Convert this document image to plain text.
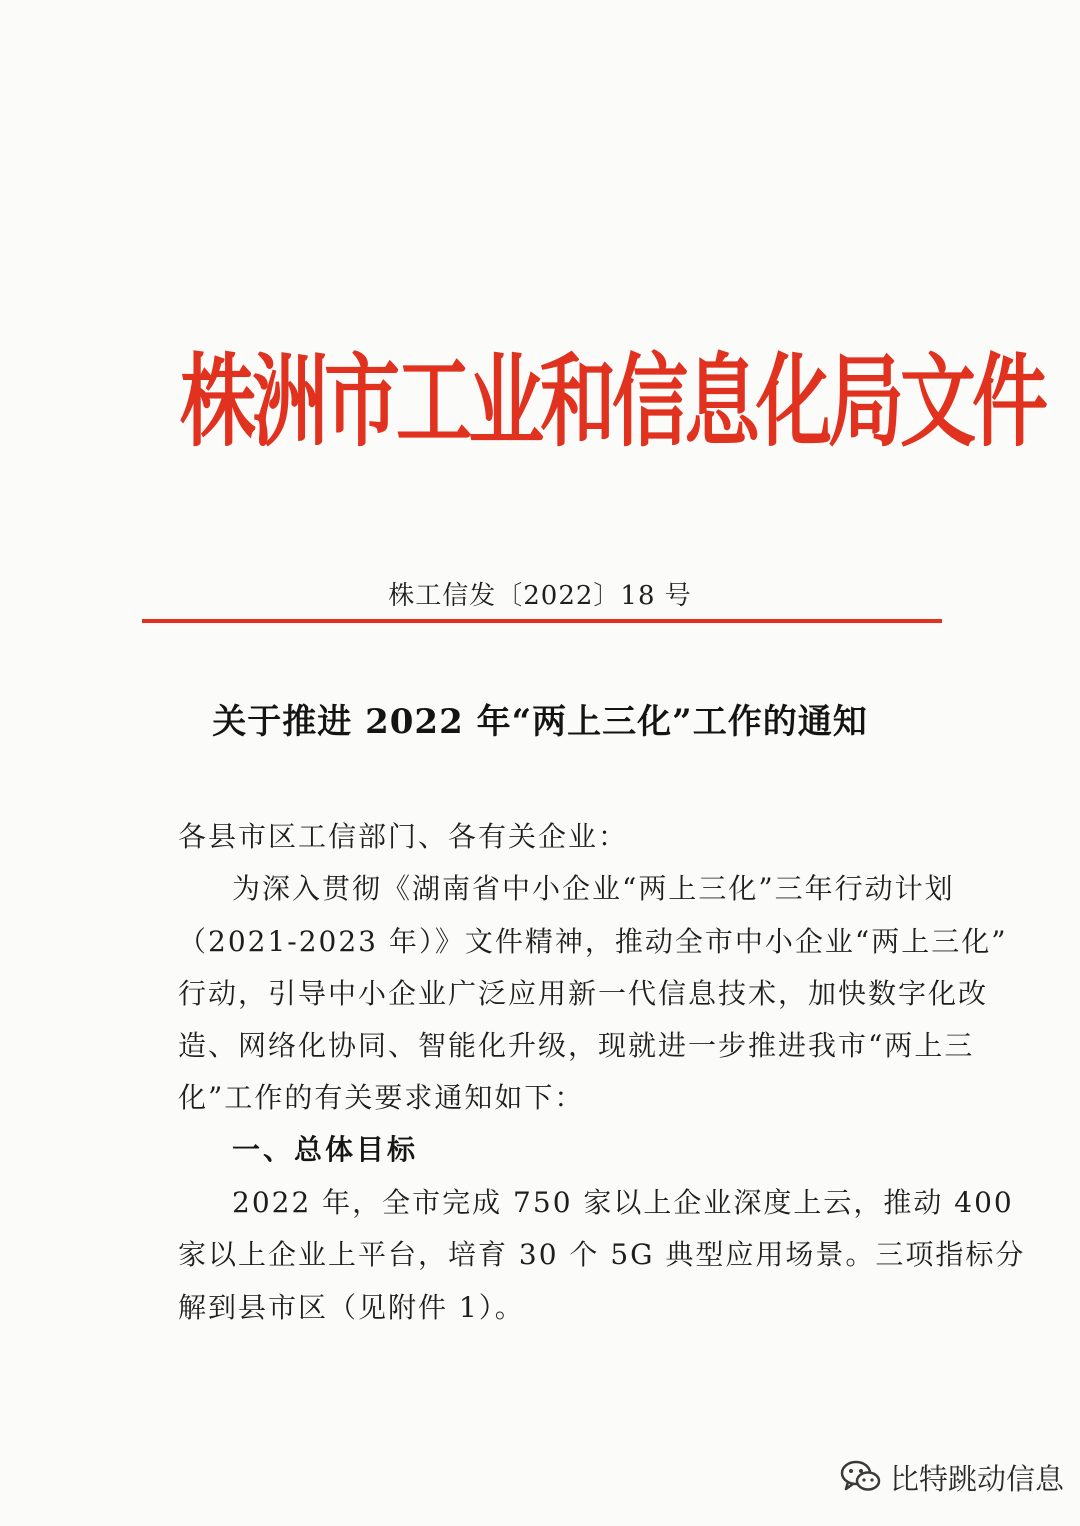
株洲市工业和信息化局文件
株工信发〔2022〕18 号
关于推进 2022 年“两上三化”工作的通知
各县市区工信部门、各有关企业：
为深入贯彻《湖南省中小企业“两上三化”三年行动计划
（2021-2023 年）》文件精神，推动全市中小企业“两上三化”
行动，引导中小企业广泛应用新一代信息技术，加快数字化改
造、网络化协同、智能化升级，现就进一步推进我市“两上三
化”工作的有关要求通知如下：
一、总体目标
2022 年，全市完成 750 家以上企业深度上云，推动 400
家以上企业上平台，培育 30 个 5G 典型应用场景。三项指标分
解到县市区（见附件 1）。
比特跳动信息
